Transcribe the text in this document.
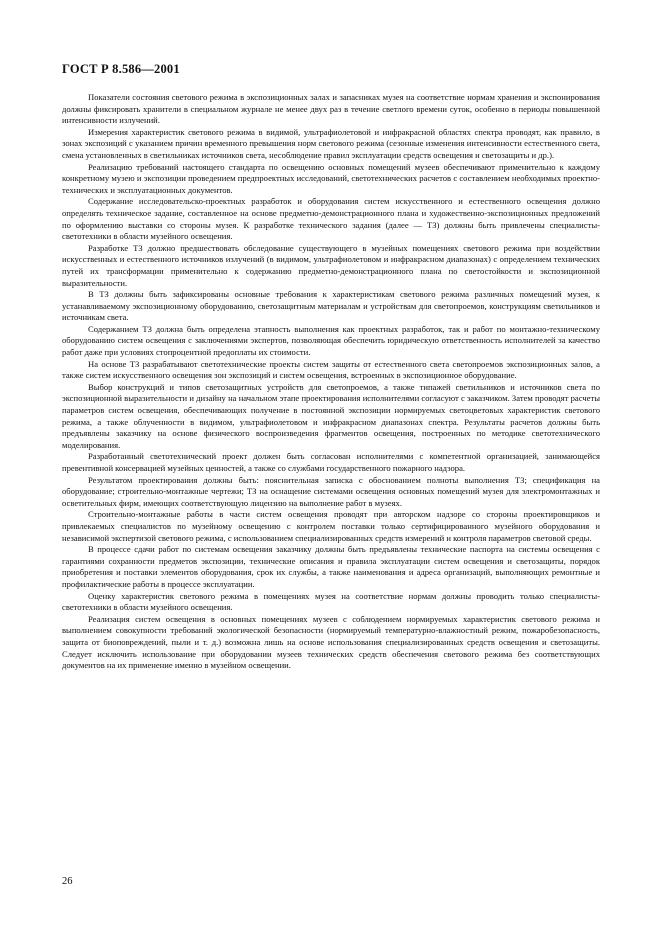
ГОСТ Р 8.586—2001

Показатели состояния светового режима в экспозиционных залах и запасниках музея на соответствие нормам хранения и экспонирования должны фиксировать хранители в специальном журнале не менее двух раз в течение светлого времени суток, особенно в периоды повышенной интенсивности излучений.

Измерения характеристик светового режима в видимой, ультрафиолетовой и инфракрасной областях спектра проводят, как правило, в зонах экспозиций с указанием причин временного превышения норм светового режима (сезонные изменения интенсивности естественного света, смена установленных в светильниках источников света, несоблюдение правил эксплуатации средств освещения и светозащиты и др.).

Реализацию требований настоящего стандарта по освещению основных помещений музеев обеспечивают применительно к каждому конкретному музею и экспозиции проведением предпроектных исследований, светотехнических расчетов с составлением необходимых проектно-технических и эксплуатационных документов.

Содержание исследовательско-проектных разработок и оборудования систем искусственного и естественного освещения должно определять техническое задание, составленное на основе предметно-демонстрационного плана и художественно-экспозиционных предложений по оформлению выставки со стороны музея. К разработке технического задания (далее — ТЗ) должны быть привлечены специалисты-светотехники в области музейного освещения.

Разработке ТЗ должно предшествовать обследование существующего в музейных помещениях светового режима при воздействии искусственных и естественного источников излучений (в видимом, ультрафиолетовом и инфракрасном диапазонах) с определением технических путей их трансформации применительно к содержанию предметно-демонстрационного плана по светостойкости и экспозиционной выразительности.

В ТЗ должны быть зафиксированы основные требования к характеристикам светового режима различных помещений музея, к устанавливаемому экспозиционному оборудованию, светозащитным материалам и устройствам для светопроемов, конструкциям светильников и источникам света.

Содержанием ТЗ должна быть определена этапность выполнения как проектных разработок, так и работ по монтажно-техническому оборудованию систем освещения с заключениями экспертов, позволяющая обеспечить юридическую ответственность исполнителей за качество работ даже при условиях стопроцентной предоплаты их стоимости.

На основе ТЗ разрабатывают светотехнические проекты систем защиты от естественного света светопроемов экспозиционных залов, а также систем искусственного освещения зон экспозиций и систем освещения, встроенных в экспозиционное оборудование.

Выбор конструкций и типов светозащитных устройств для светопроемов, а также типажей светильников и источников света по экспозиционной выразительности и дизайну на начальном этапе проектирования исполнителями согласуют с заказчиком. Затем проводят расчеты параметров систем освещения, обеспечивающих получение в постоянной экспозиции нормируемых светоцветовых характеристик светового режима, а также облученности в видимом, ультрафиолетовом и инфракрасном диапазонах спектра. Результаты расчетов должны быть предъявлены заказчику на основе физического воспроизведения фрагментов освещения, построенных по методике светотехнического моделирования.

Разработанный светотехнический проект должен быть согласован исполнителями с компетентной организацией, занимающейся превентивной консервацией музейных ценностей, а также со службами государственного пожарного надзора.

Результатом проектирования должны быть: пояснительная записка с обоснованием полноты выполнения ТЗ; спецификация на оборудование; строительно-монтажные чертежи; ТЗ на оснащение системами освещения основных помещений музея для электромонтажных и осветительных фирм, имеющих соответствующую лицензию на выполнение работ в музеях.

Строительно-монтажные работы в части систем освещения проводят при авторском надзоре со стороны проектировщиков и привлекаемых специалистов по музейному освещению с контролем поставки только сертифицированного музейного оборудования и независимой экспертизой светового режима, с использованием специализированных средств измерений и контроля параметров световой среды.

В процессе сдачи работ по системам освещения заказчику должны быть предъявлены технические паспорта на системы освещения с гарантиями сохранности предметов экспозиции, технические описания и правила эксплуатации систем освещения и светозащиты, порядок приобретения и поставки элементов оборудования, срок их службы, а также наименования и адреса организаций, выполняющих ремонтные и профилактические работы в процессе эксплуатации.

Оценку характеристик светового режима в помещениях музея на соответствие нормам должны проводить только специалисты-светотехники в области музейного освещения.

Реализация систем освещения в основных помещениях музеев с соблюдением нормируемых характеристик светового режима и выполнением совокупности требований экологической безопасности (нормируемый температурно-влажностный режим, пожаробезопасность, защита от биоповреждений, пыли и т. д.) возможна лишь на основе использования специализированных средств освещения и светозащиты. Следует исключить использование при оборудовании музеев технических средств обеспечения светового режима без соответствующих документов на их применение именно в музейном освещении.

26
